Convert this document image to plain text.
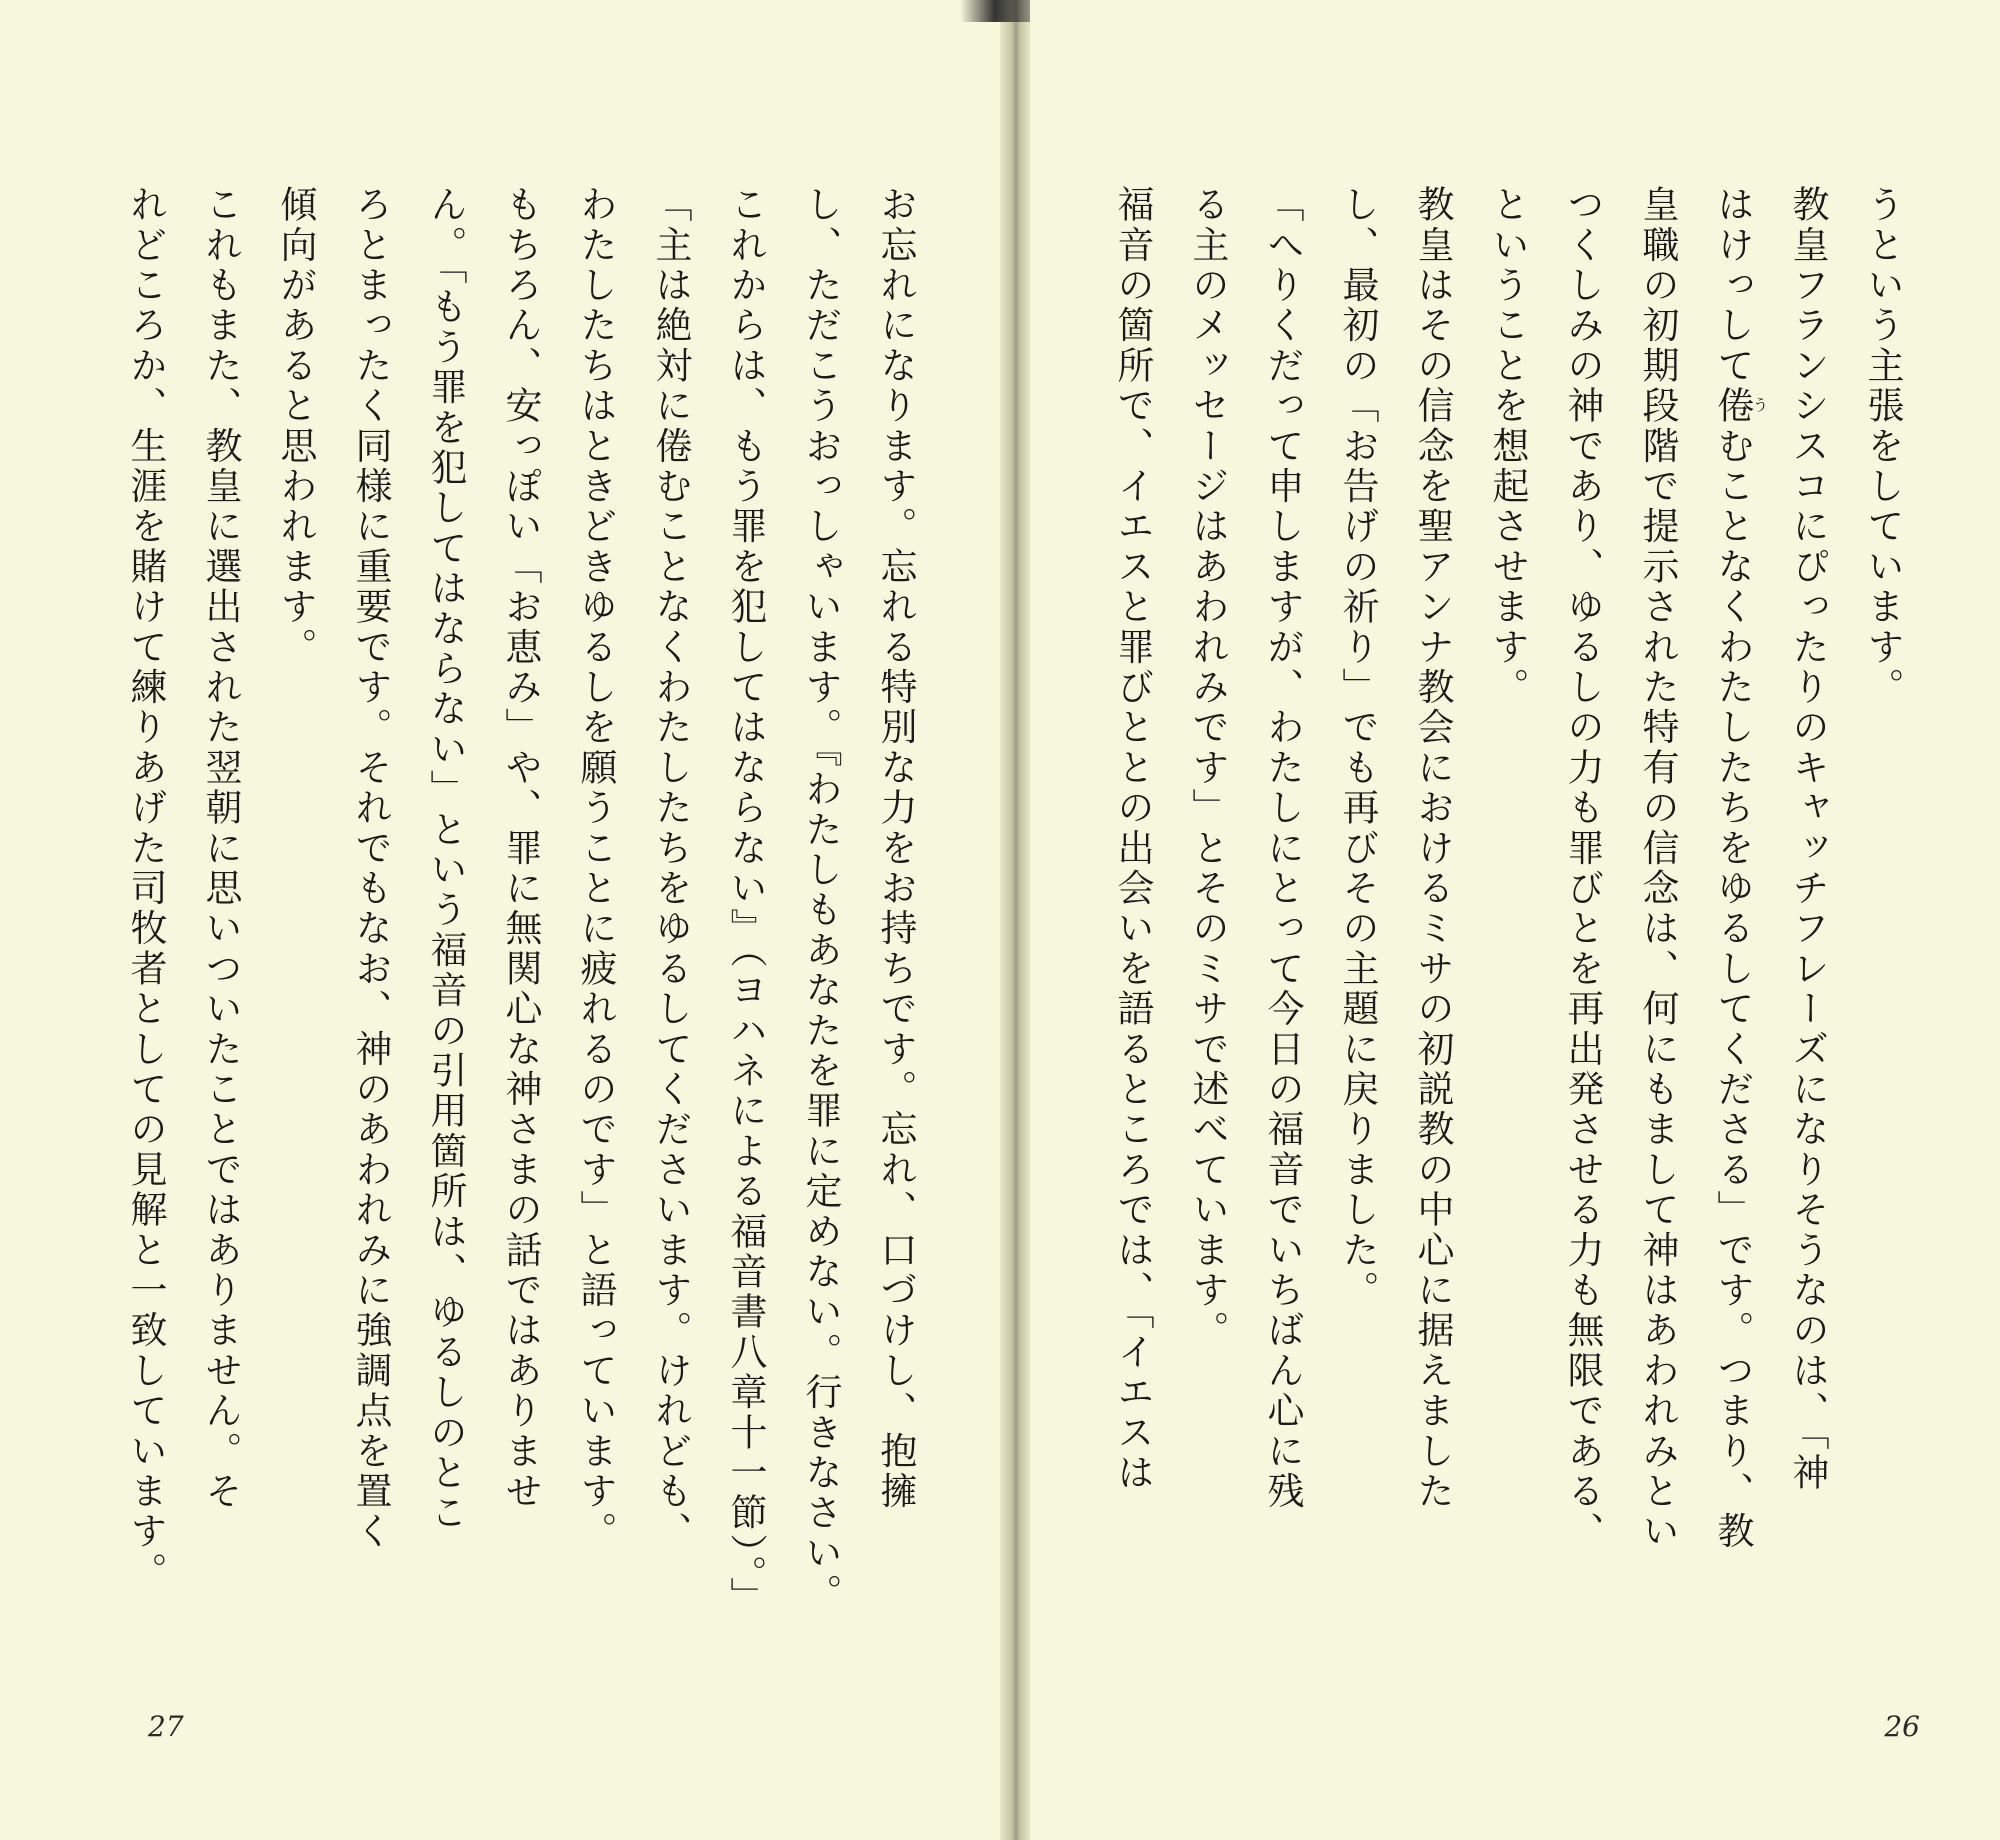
お忘れになります。忘れる特別な力をお持ちです。忘れ、口づけし、抱擁
し、ただこうおっしゃいます。『わたしもあなたを罪に定めない。行きなさい。
これからは、もう罪を犯してはならない』（ヨハネによる福音書八章十一節）。」
「主は絶対に倦むことなくわたしたちをゆるしてくださいます。けれども、
わたしたちはときどきゆるしを願うことに疲れるのです」と語っています。
もちろん、安っぽい「お恵み」や、罪に無関心な神さまの話ではありませ
ん。「もう罪を犯してはならない」という福音の引用箇所は、ゆるしのとこ
ろとまったく同様に重要です。それでもなお、神のあわれみに強調点を置く
傾向があると思われます。
これもまた、教皇に選出された翌朝に思いついたことではありません。そ
れどころか、生涯を賭けて練りあげた司牧者としての見解と一致しています。
27
うという主張をしています。
教皇フランシスコにぴったりのキャッチフレーズになりそうなのは、「神
はけっして倦うむことなくわたしたちをゆるしてくださる」です。つまり、教
皇職の初期段階で提示された特有の信念は、何にもまして神はあわれみとい
つくしみの神であり、ゆるしの力も罪びとを再出発させる力も無限である、
ということを想起させます。
教皇はその信念を聖アンナ教会におけるミサの初説教の中心に据えました
し、最初の「お告げの祈り」でも再びその主題に戻りました。
「へりくだって申しますが、わたしにとって今日の福音でいちばん心に残
る主のメッセージはあわれみです」とそのミサで述べています。
福音の箇所で、イエスと罪びととの出会いを語るところでは、「イエスは
26
